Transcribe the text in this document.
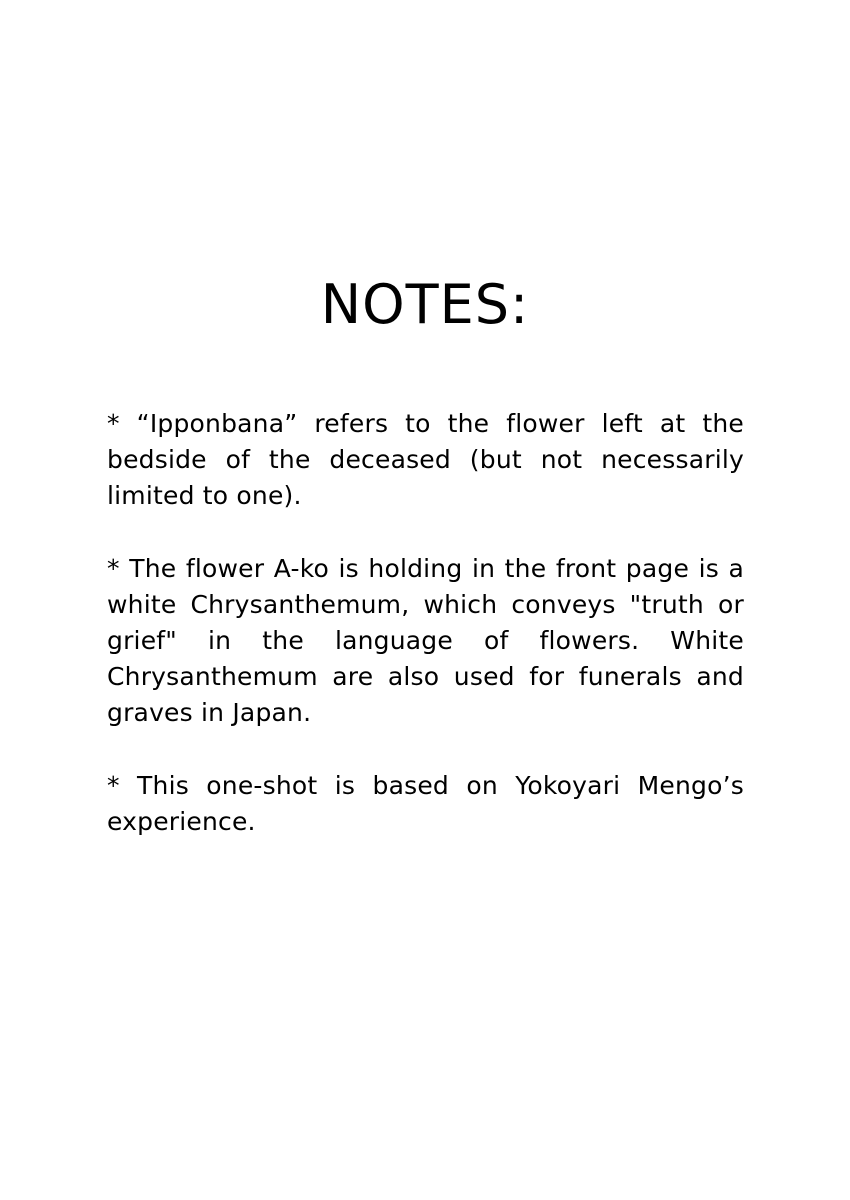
NOTES:

* “Ipponbana” refers to the flower left at the bedside of the deceased (but not necessarily limited to one).

* The flower A-ko is holding in the front page is a white Chrysanthemum, which conveys "truth or grief" in the language of flowers. White Chrysanthemum are also used for funerals and graves in Japan.

* This one-shot is based on Yokoyari Mengo’s experience.
